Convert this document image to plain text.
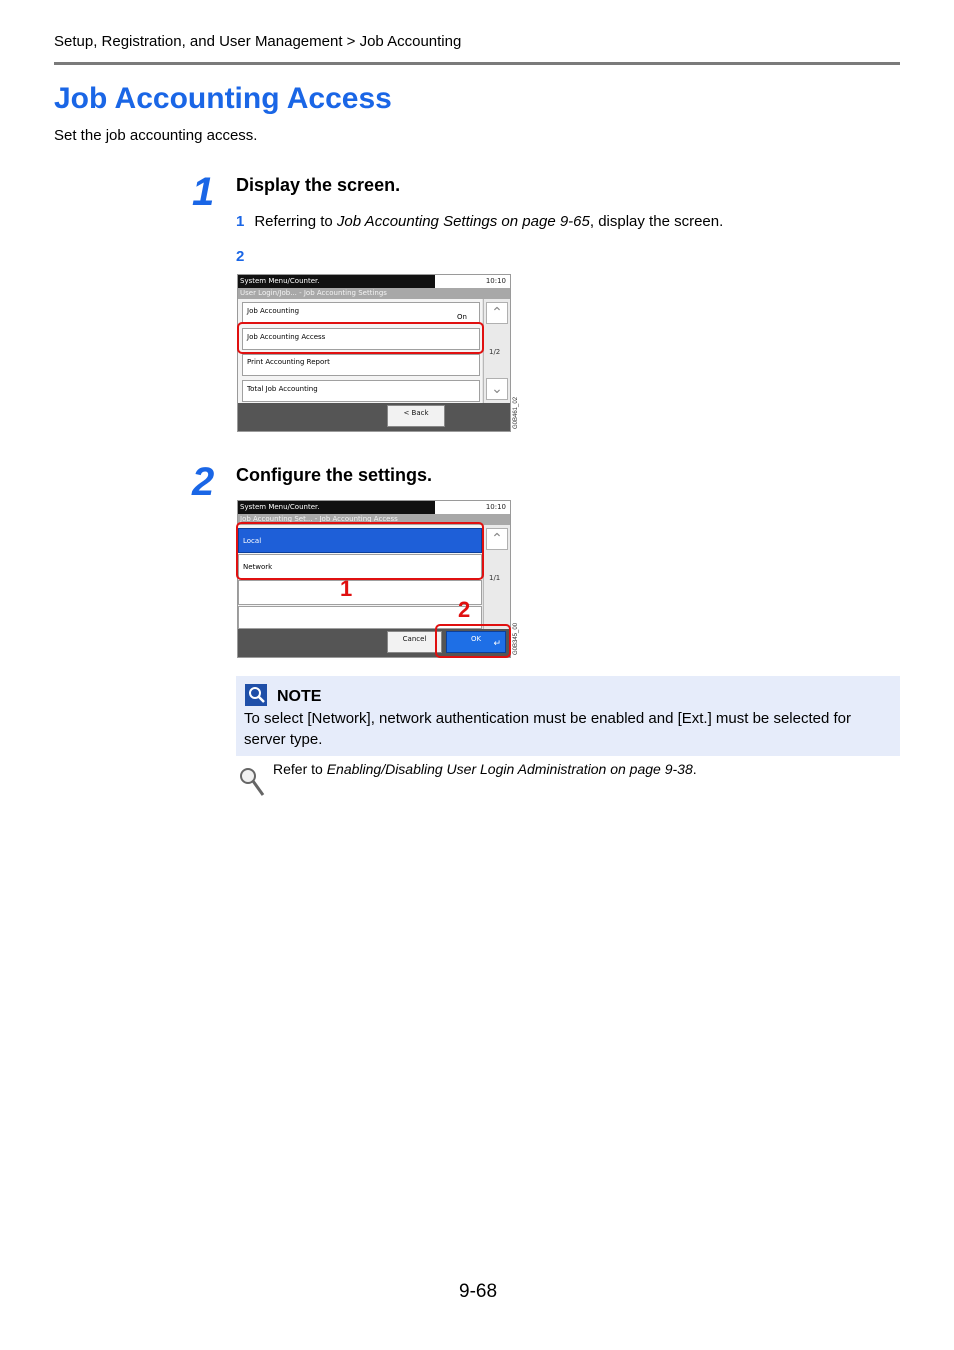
Setup, Registration, and User Management > Job Accounting
Job Accounting Access
Set the job accounting access.
1 Display the screen.
1 Referring to Job Accounting Settings on page 9-65, display the screen.
2
System Menu/Counter.	10:10
User Login/Job... - Job Accounting Settings
Job Accounting
On
Job Accounting Access
Print Accounting Report
Total Job Accounting
⌃
1/2
⌄
< Back	G0B461_02
2 Configure the settings.
System Menu/Counter.	10:10
Job Accounting Set... - Job Accounting Access
Local
Network
⌃
1/1
Cancel	OK ↵
1
2
G0B345_00
NOTE
To select [Network], network authentication must be enabled and [Ext.] must be selected for server type.
Refer to Enabling/Disabling User Login Administration on page 9-38.
9-68
